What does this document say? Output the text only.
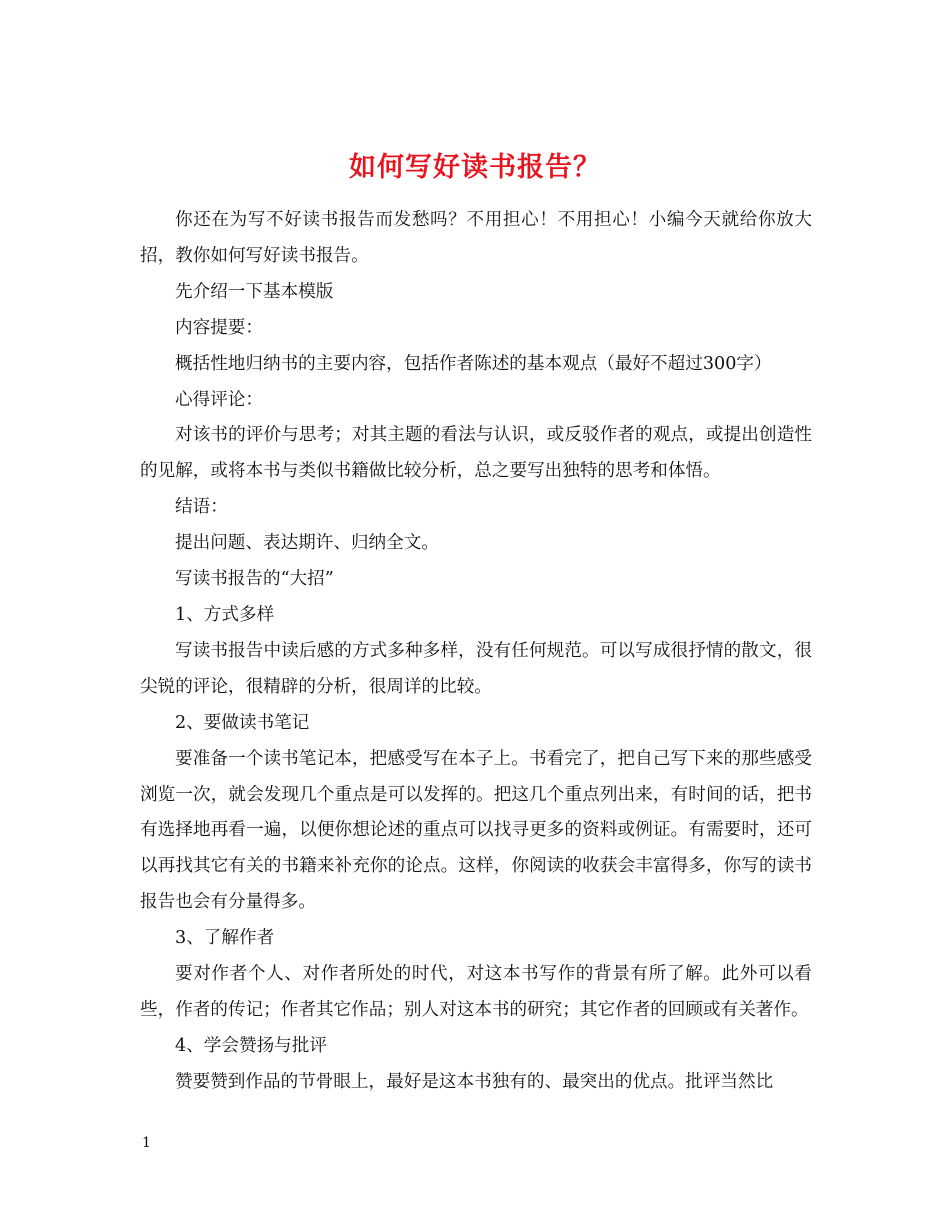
如何写好读书报告？

你还在为写不好读书报告而发愁吗？不用担心！不用担心！小编今天就给你放大招，教你如何写好读书报告。

先介绍一下基本模版

内容提要：

概括性地归纳书的主要内容，包括作者陈述的基本观点（最好不超过300字）

心得评论：

对该书的评价与思考；对其主题的看法与认识，或反驳作者的观点，或提出创造性的见解，或将本书与类似书籍做比较分析，总之要写出独特的思考和体悟。

结语：

提出问题、表达期许、归纳全文。

写读书报告的“大招”

1、方式多样

写读书报告中读后感的方式多种多样，没有任何规范。可以写成很抒情的散文，很尖锐的评论，很精辟的分析，很周详的比较。

2、要做读书笔记

要准备一个读书笔记本，把感受写在本子上。书看完了，把自己写下来的那些感受浏览一次，就会发现几个重点是可以发挥的。把这几个重点列出来，有时间的话，把书有选择地再看一遍，以便你想论述的重点可以找寻更多的资料或例证。有需要时，还可以再找其它有关的书籍来补充你的论点。这样，你阅读的收获会丰富得多，你写的读书报告也会有分量得多。

3、了解作者

要对作者个人、对作者所处的时代，对这本书写作的背景有所了解。此外可以看些，作者的传记；作者其它作品；别人对这本书的研究；其它作者的回顾或有关著作。

4、学会赞扬与批评

赞要赞到作品的节骨眼上，最好是这本书独有的、最突出的优点。批评当然比

1
